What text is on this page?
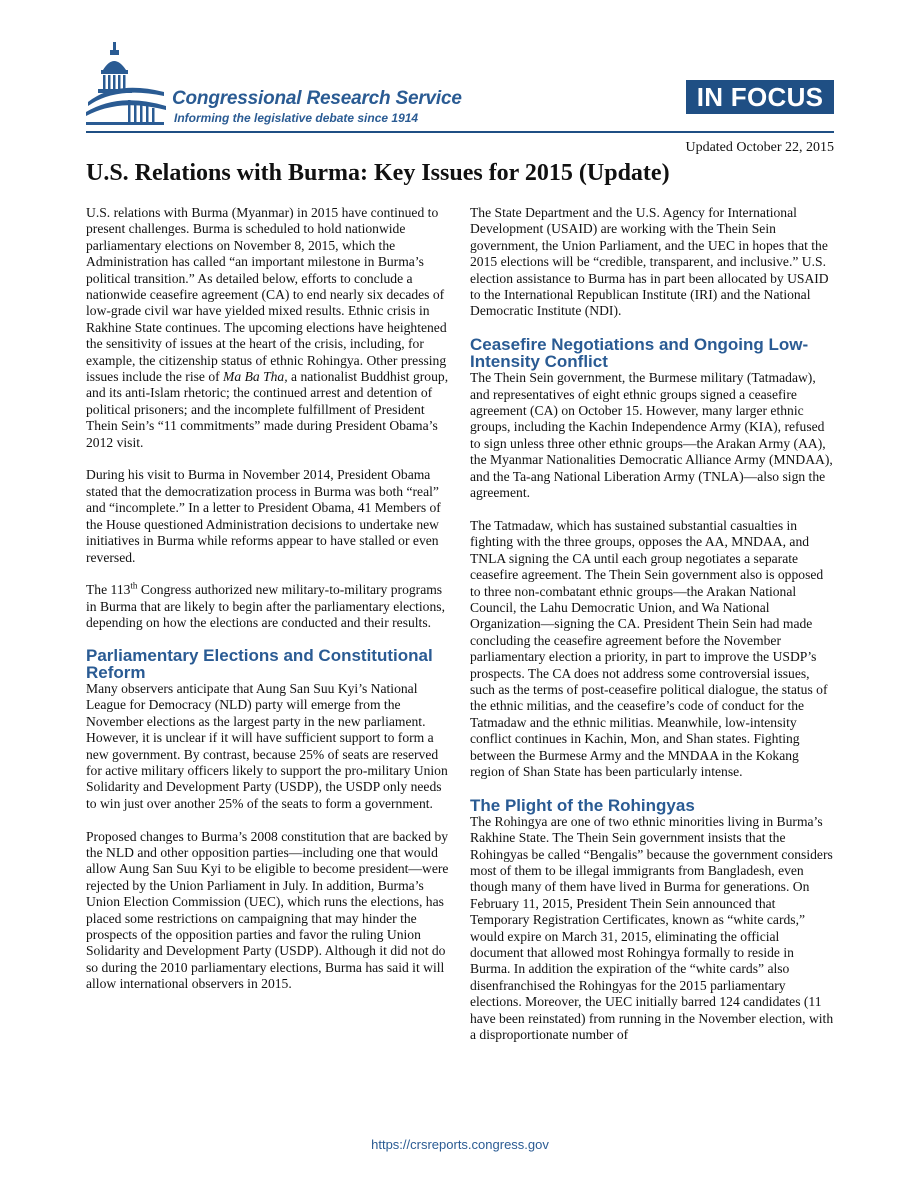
Congressional Research Service
Informing the legislative debate since 1914
IN FOCUS
Updated October 22, 2015
U.S. Relations with Burma: Key Issues for 2015 (Update)

U.S. relations with Burma (Myanmar) in 2015 have continued to present challenges. Burma is scheduled to hold nationwide parliamentary elections on November 8, 2015, which the Administration has called “an important milestone in Burma’s political transition.” As detailed below, efforts to conclude a nationwide ceasefire agreement (CA) to end nearly six decades of low-grade civil war have yielded mixed results. Ethnic crisis in Rakhine State continues. The upcoming elections have heightened the sensitivity of issues at the heart of the crisis, including, for example, the citizenship status of ethnic Rohingya. Other pressing issues include the rise of Ma Ba Tha, a nationalist Buddhist group, and its anti-Islam rhetoric; the continued arrest and detention of political prisoners; and the incomplete fulfillment of President Thein Sein’s “11 commitments” made during President Obama’s 2012 visit.

During his visit to Burma in November 2014, President Obama stated that the democratization process in Burma was both “real” and “incomplete.” In a letter to President Obama, 41 Members of the House questioned Administration decisions to undertake new initiatives in Burma while reforms appear to have stalled or even reversed.

The 113th Congress authorized new military-to-military programs in Burma that are likely to begin after the parliamentary elections, depending on how the elections are conducted and their results.

Parliamentary Elections and Constitutional Reform

Many observers anticipate that Aung San Suu Kyi’s National League for Democracy (NLD) party will emerge from the November elections as the largest party in the new parliament. However, it is unclear if it will have sufficient support to form a new government. By contrast, because 25% of seats are reserved for active military officers likely to support the pro-military Union Solidarity and Development Party (USDP), the USDP only needs to win just over another 25% of the seats to form a government.

Proposed changes to Burma’s 2008 constitution that are backed by the NLD and other opposition parties—including one that would allow Aung San Suu Kyi to be eligible to become president—were rejected by the Union Parliament in July. In addition, Burma’s Union Election Commission (UEC), which runs the elections, has placed some restrictions on campaigning that may hinder the prospects of the opposition parties and favor the ruling Union Solidarity and Development Party (USDP). Although it did not do so during the 2010 parliamentary elections, Burma has said it will allow international observers in 2015.

The State Department and the U.S. Agency for International Development (USAID) are working with the Thein Sein government, the Union Parliament, and the UEC in hopes that the 2015 elections will be “credible, transparent, and inclusive.” U.S. election assistance to Burma has in part been allocated by USAID to the International Republican Institute (IRI) and the National Democratic Institute (NDI).

Ceasefire Negotiations and Ongoing Low-Intensity Conflict

The Thein Sein government, the Burmese military (Tatmadaw), and representatives of eight ethnic groups signed a ceasefire agreement (CA) on October 15. However, many larger ethnic groups, including the Kachin Independence Army (KIA), refused to sign unless three other ethnic groups—the Arakan Army (AA), the Myanmar Nationalities Democratic Alliance Army (MNDAA), and the Ta-ang National Liberation Army (TNLA)—also sign the agreement.

The Tatmadaw, which has sustained substantial casualties in fighting with the three groups, opposes the AA, MNDAA, and TNLA signing the CA until each group negotiates a separate ceasefire agreement. The Thein Sein government also is opposed to three non-combatant ethnic groups—the Arakan National Council, the Lahu Democratic Union, and Wa National Organization—signing the CA. President Thein Sein had made concluding the ceasefire agreement before the November parliamentary election a priority, in part to improve the USDP’s prospects. The CA does not address some controversial issues, such as the terms of post-ceasefire political dialogue, the status of the ethnic militias, and the ceasefire’s code of conduct for the Tatmadaw and the ethnic militias. Meanwhile, low-intensity conflict continues in Kachin, Mon, and Shan states. Fighting between the Burmese Army and the MNDAA in the Kokang region of Shan State has been particularly intense.

The Plight of the Rohingyas

The Rohingya are one of two ethnic minorities living in Burma’s Rakhine State. The Thein Sein government insists that the Rohingyas be called “Bengalis” because the government considers most of them to be illegal immigrants from Bangladesh, even though many of them have lived in Burma for generations. On February 11, 2015, President Thein Sein announced that Temporary Registration Certificates, known as “white cards,” would expire on March 31, 2015, eliminating the official document that allowed most Rohingya formally to reside in Burma. In addition the expiration of the “white cards” also disenfranchised the Rohingyas for the 2015 parliamentary elections. Moreover, the UEC initially barred 124 candidates (11 have been reinstated) from running in the November election, with a disproportionate number of

https://crsreports.congress.gov
